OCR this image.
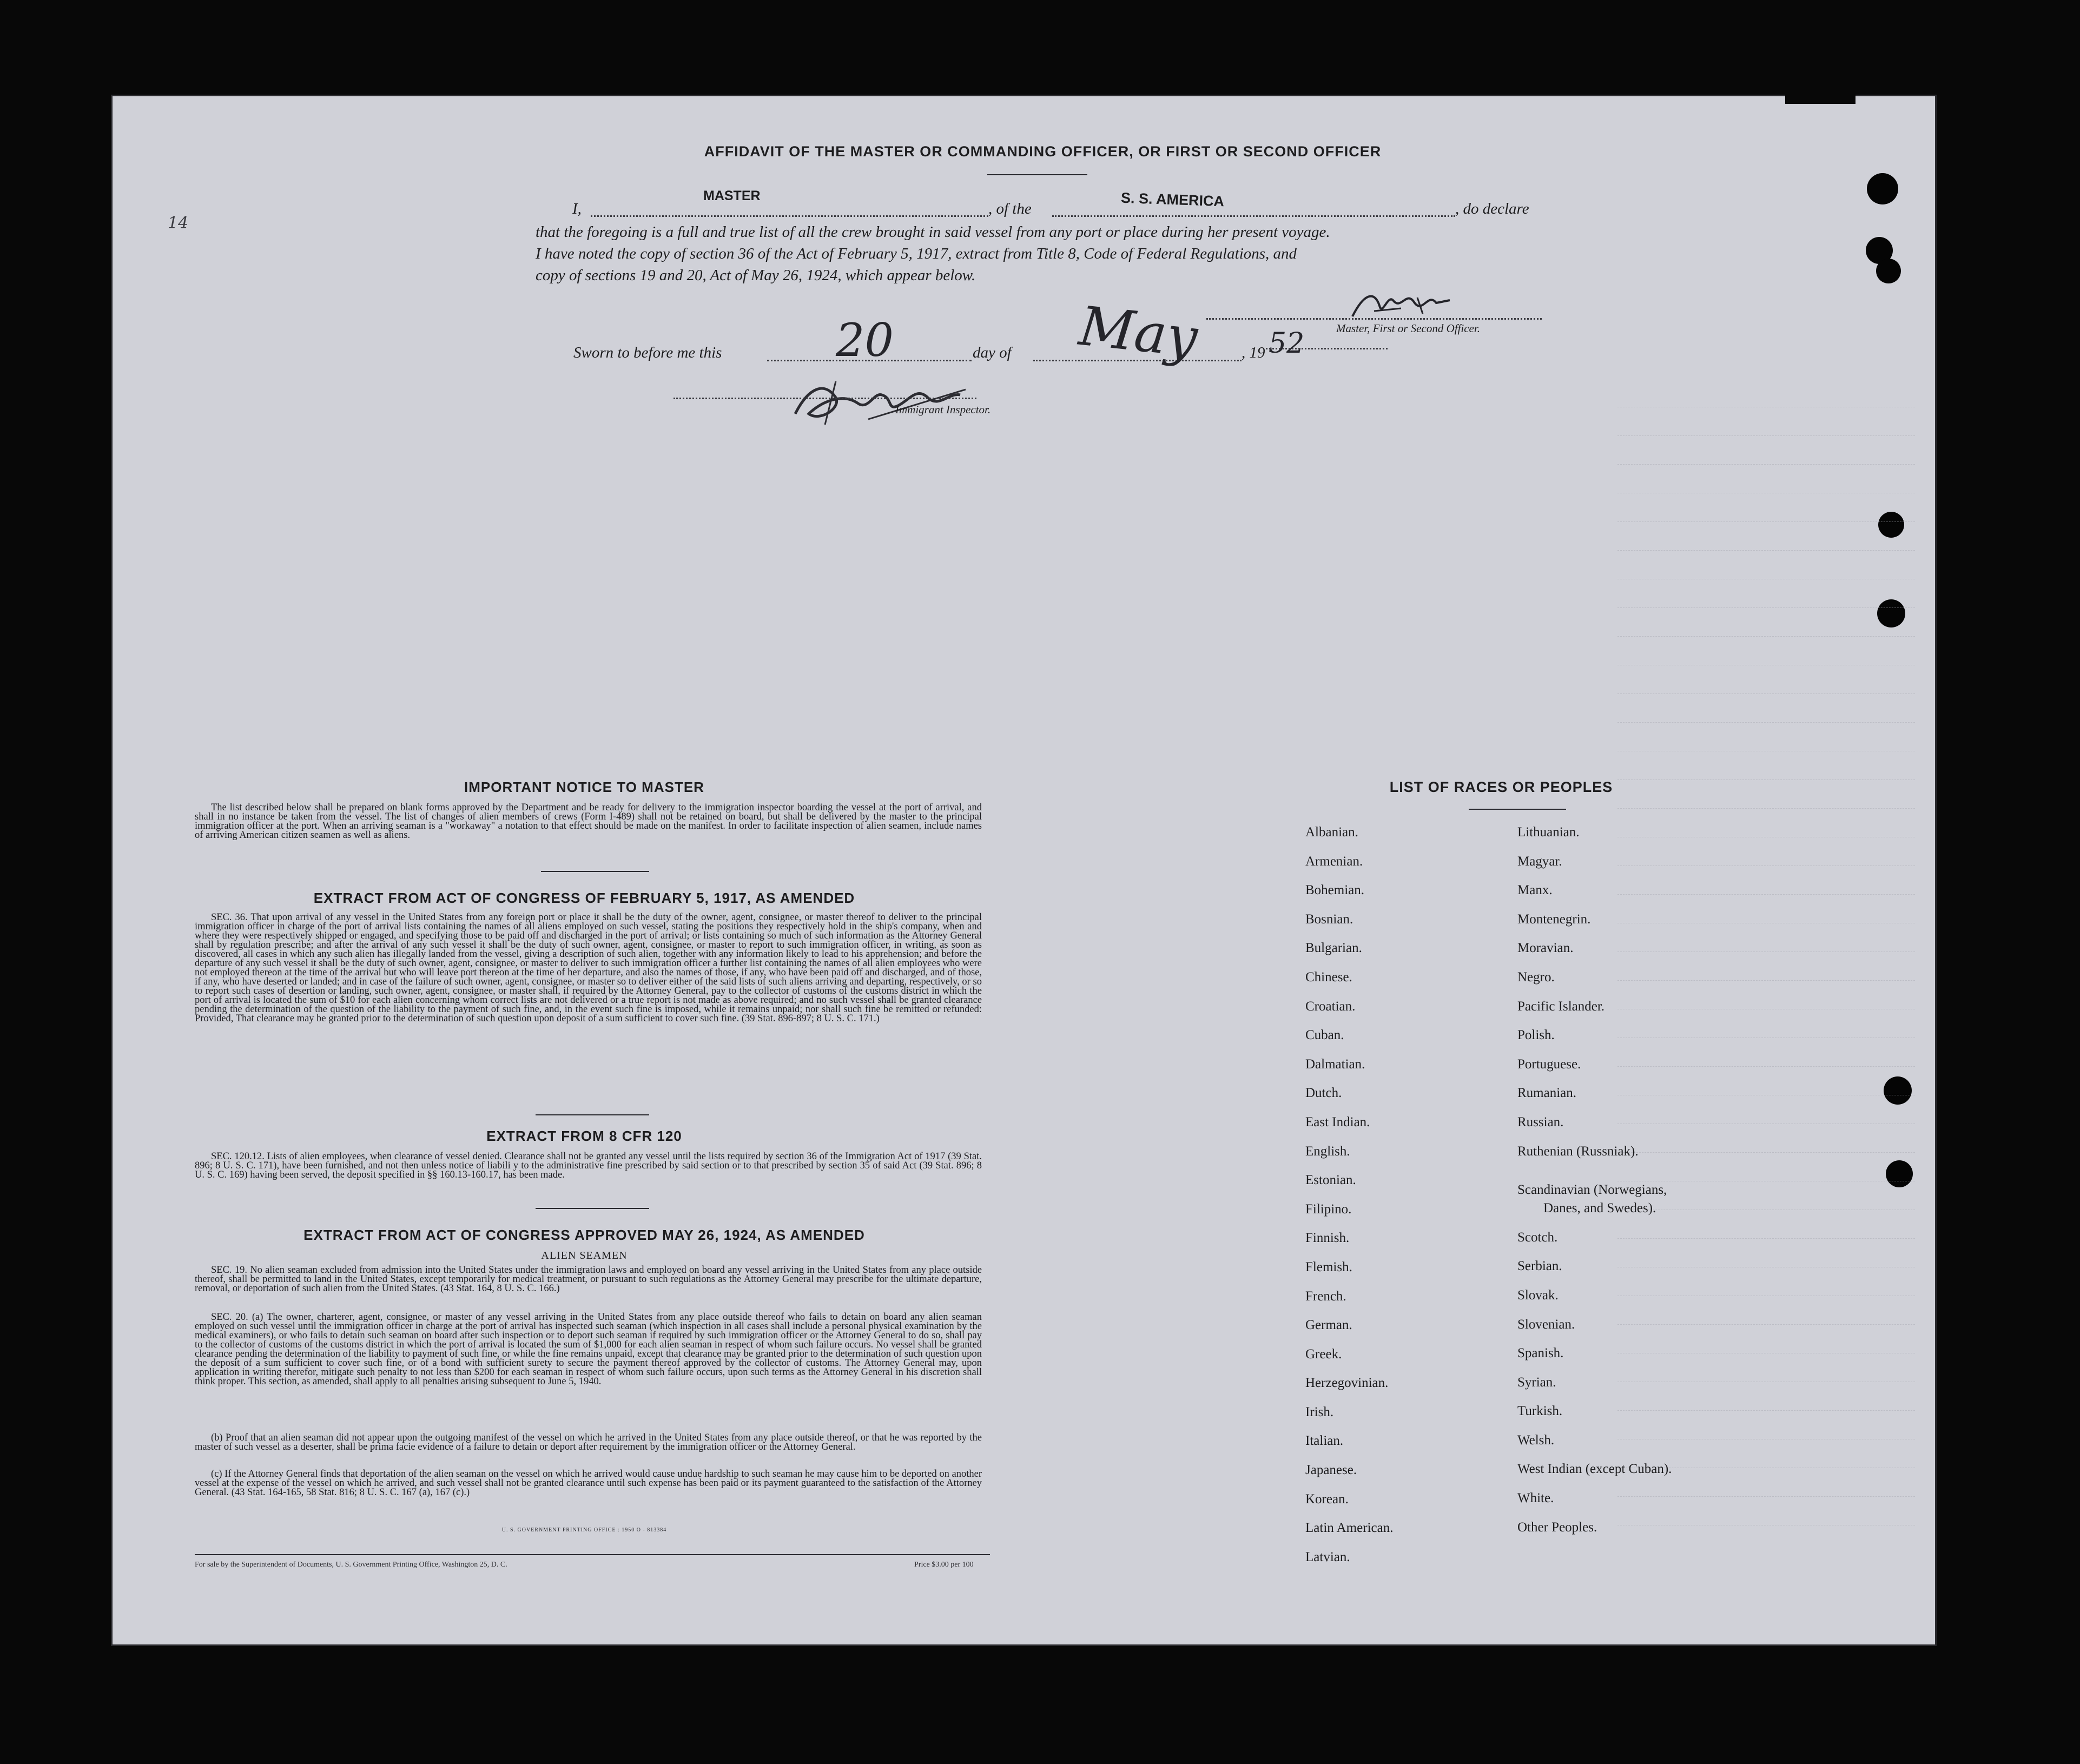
14
AFFIDAVIT OF THE MASTER OR COMMANDING OFFICER, OR FIRST OR SECOND OFFICER
I,
MASTER
, of the	S. S. AMERICA	, do declare
that the foregoing is a full and true list of all the crew brought in said vessel from any port or place during her present voyage.
I have noted the copy of section 36 of the Act of February 5, 1917, extract from Title 8, Code of Federal Regulations, and
copy of sections 19 and 20, Act of May 26, 1924, which appear below.
Master, First or Second Officer.
Sworn to before me this	20	day of May	, 19 52
Immigrant Inspector.
IMPORTANT NOTICE TO MASTER
The list described below shall be prepared on blank forms approved by the Department and be ready for delivery to the immigration inspector boarding the vessel at the port of arrival, and shall in no instance be taken from the vessel. The list of changes of alien members of crews (Form I-489) shall not be retained on board, but shall be delivered by the master to the principal immigration officer at the port. When an arriving seaman is a "workaway" a notation to that effect should be made on the manifest. In order to facilitate inspection of alien seamen, include names of arriving American citizen seamen as well as aliens.
EXTRACT FROM ACT OF CONGRESS OF FEBRUARY 5, 1917, AS AMENDED
SEC. 36. That upon arrival of any vessel in the United States from any foreign port or place it shall be the duty of the owner, agent, consignee, or master thereof to deliver to the principal immigration officer in charge of the port of arrival lists containing the names of all aliens employed on such vessel, stating the positions they respectively hold in the ship's company, when and where they were respectively shipped or engaged, and specifying those to be paid off and discharged in the port of arrival; or lists containing so much of such information as the Attorney General shall by regulation prescribe; and after the arrival of any such vessel it shall be the duty of such owner, agent, consignee, or master to report to such immigration officer, in writing, as soon as discovered, all cases in which any such alien has illegally landed from the vessel, giving a description of such alien, together with any information likely to lead to his apprehension; and before the departure of any such vessel it shall be the duty of such owner, agent, consignee, or master to deliver to such immigration officer a further list containing the names of all alien employees who were not employed thereon at the time of the arrival but who will leave port thereon at the time of her departure, and also the names of those, if any, who have been paid off and discharged, and of those, if any, who have deserted or landed; and in case of the failure of such owner, agent, consignee, or master so to deliver either of the said lists of such aliens arriving and departing, respectively, or so to report such cases of desertion or landing, such owner, agent, consignee, or master shall, if required by the Attorney General, pay to the collector of customs of the customs district in which the port of arrival is located the sum of $10 for each alien concerning whom correct lists are not delivered or a true report is not made as above required; and no such vessel shall be granted clearance pending the determination of the question of the liability to the payment of such fine, and, in the event such fine is imposed, while it remains unpaid; nor shall such fine be remitted or refunded: Provided, That clearance may be granted prior to the determination of such question upon deposit of a sum sufficient to cover such fine. (39 Stat. 896-897; 8 U. S. C. 171.)
EXTRACT FROM 8 CFR 120
SEC. 120.12. Lists of alien employees, when clearance of vessel denied. Clearance shall not be granted any vessel until the lists required by section 36 of the Immigration Act of 1917 (39 Stat. 896; 8 U. S. C. 171), have been furnished, and not then unless notice of liabili y to the administrative fine prescribed by said section or to that prescribed by section 35 of said Act (39 Stat. 896; 8 U. S. C. 169) having been served, the deposit specified in §§ 160.13-160.17, has been made.
EXTRACT FROM ACT OF CONGRESS APPROVED MAY 26, 1924, AS AMENDED
ALIEN SEAMEN
SEC. 19. No alien seaman excluded from admission into the United States under the immigration laws and employed on board any vessel arriving in the United States from any place outside thereof, shall be permitted to land in the United States, except temporarily for medical treatment, or pursuant to such regulations as the Attorney General may prescribe for the ultimate departure, removal, or deportation of such alien from the United States. (43 Stat. 164, 8 U. S. C. 166.)
SEC. 20. (a) The owner, charterer, agent, consignee, or master of any vessel arriving in the United States from any place outside thereof who fails to detain on board any alien seaman employed on such vessel until the immigration officer in charge at the port of arrival has inspected such seaman (which inspection in all cases shall include a personal physical examination by the medical examiners), or who fails to detain such seaman on board after such inspection or to deport such seaman if required by such immigration officer or the Attorney General to do so, shall pay to the collector of customs of the customs district in which the port of arrival is located the sum of $1,000 for each alien seaman in respect of whom such failure occurs. No vessel shall be granted clearance pending the determination of the liability to payment of such fine, or while the fine remains unpaid, except that clearance may be granted prior to the determination of such question upon the deposit of a sum sufficient to cover such fine, or of a bond with sufficient surety to secure the payment thereof approved by the collector of customs. The Attorney General may, upon application in writing therefor, mitigate such penalty to not less than $200 for each seaman in respect of whom such failure occurs, upon such terms as the Attorney General in his discretion shall think proper. This section, as amended, shall apply to all penalties arising subsequent to June 5, 1940.
(b) Proof that an alien seaman did not appear upon the outgoing manifest of the vessel on which he arrived in the United States from any place outside thereof, or that he was reported by the master of such vessel as a deserter, shall be prima facie evidence of a failure to detain or deport after requirement by the immigration officer or the Attorney General.
(c) If the Attorney General finds that deportation of the alien seaman on the vessel on which he arrived would cause undue hardship to such seaman he may cause him to be deported on another vessel at the expense of the vessel on which he arrived, and such vessel shall not be granted clearance until such expense has been paid or its payment guaranteed to the satisfaction of the Attorney General. (43 Stat. 164-165, 58 Stat. 816; 8 U. S. C. 167 (a), 167 (c).)
U. S. GOVERNMENT PRINTING OFFICE : 1950 O - 813384
For sale by the Superintendent of Documents, U. S. Government Printing Office, Washington 25, D. C.	Price $3.00 per 100
LIST OF RACES OR PEOPLES
Albanian.
Armenian.
Bohemian.
Bosnian.
Bulgarian.
Chinese.
Croatian.
Cuban.
Dalmatian.
Dutch.
East Indian.
English.
Estonian.
Filipino.
Finnish.
Flemish.
French.
German.
Greek.
Herzegovinian.
Irish.
Italian.
Japanese.
Korean.
Latin American.
Latvian.
Lithuanian.
Magyar.
Manx.
Montenegrin.
Moravian.
Negro.
Pacific Islander.
Polish.
Portuguese.
Rumanian.
Russian.
Ruthenian (Russniak).
Scandinavian (Norwegians,
Danes, and Swedes).
Scotch.
Serbian.
Slovak.
Slovenian.
Spanish.
Syrian.
Turkish.
Welsh.
West Indian (except Cuban).
White.
Other Peoples.
